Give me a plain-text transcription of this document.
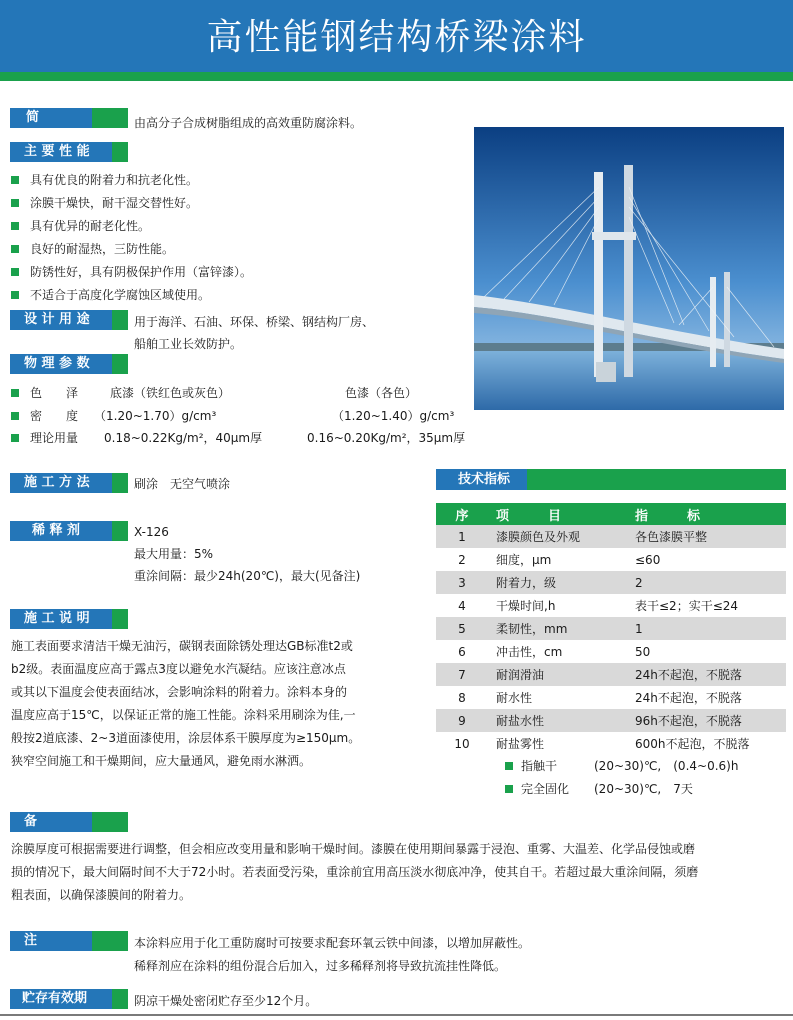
高性能钢结构桥梁涂料
简	由高分子合成树脂组成的高效重防腐涂料。
主 要 性 能
具有优良的附着力和抗老化性。
涂膜干燥快，耐干湿交替性好。
具有优异的耐老化性。
良好的耐湿热，三防性能。
防锈性好，具有阴极保护作用（富锌漆）。
不适合于高度化学腐蚀区域使用。
设 计 用 途	用于海洋、石油、环保、桥梁、钢结构厂房、
船舶工业长效防护。
物 理 参 数
色　　泽	底漆（铁红色或灰色）	色漆（各色）
密　　度 （1.20~1.70）g/cm³	（1.20~1.40）g/cm³
理论用量 0.18~0.22Kg/m²，40μm厚	0.16~0.20Kg/m²，35μm厚
施 工 方 法	刷涂　无空气喷涂
稀 释 剂	X-126
最大用量：5%
重涂间隔：最少24h(20℃)，最大(见备注)
施 工 说 明
施工表面要求清洁干燥无油污，碳钢表面除锈处理达GB标准t2或
b2级。表面温度应高于露点3度以避免水汽凝结。应该注意冰点
或其以下温度会使表面结冰，会影响涂料的附着力。涂料本身的
温度应高于15℃，以保证正常的施工性能。涂料采用刷涂为佳,一
般按2道底漆、2~3道面漆使用，涂层体系干膜厚度为≥150μm。
狭窄空间施工和干燥期间，应大量通风，避免雨水淋洒。
技术指标
序	项　　　目	指　　　标
1	漆膜颜色及外观	各色漆膜平整
2	细度，μm	≤60
3	附着力，级	2
4	干燥时间,h	表干≤2；实干≤24
5	柔韧性，mm	1
6	冲击性，cm	50
7	耐润滑油	24h不起泡，不脱落
8	耐水性	24h不起泡，不脱落
9	耐盐水性	96h不起泡，不脱落
10	耐盐雾性	600h不起泡，不脱落
指触干	(20~30)℃,　(0.4~0.6)h
完全固化 (20~30)℃,　7天
备
涂膜厚度可根据需要进行调整，但会相应改变用量和影响干燥时间。漆膜在使用期间暴露于浸泡、重雾、大温差、化学品侵蚀或磨
损的情况下，最大间隔时间不大于72小时。若表面受污染，重涂前宜用高压淡水彻底冲净，使其自干。若超过最大重涂间隔，须磨
粗表面，以确保漆膜间的附着力。
注	本涂料应用于化工重防腐时可按要求配套环氧云铁中间漆，以增加屏蔽性。
稀释剂应在涂料的组份混合后加入，过多稀释剂将导致抗流挂性降低。
贮存有效期	阴凉干燥处密闭贮存至少12个月。
